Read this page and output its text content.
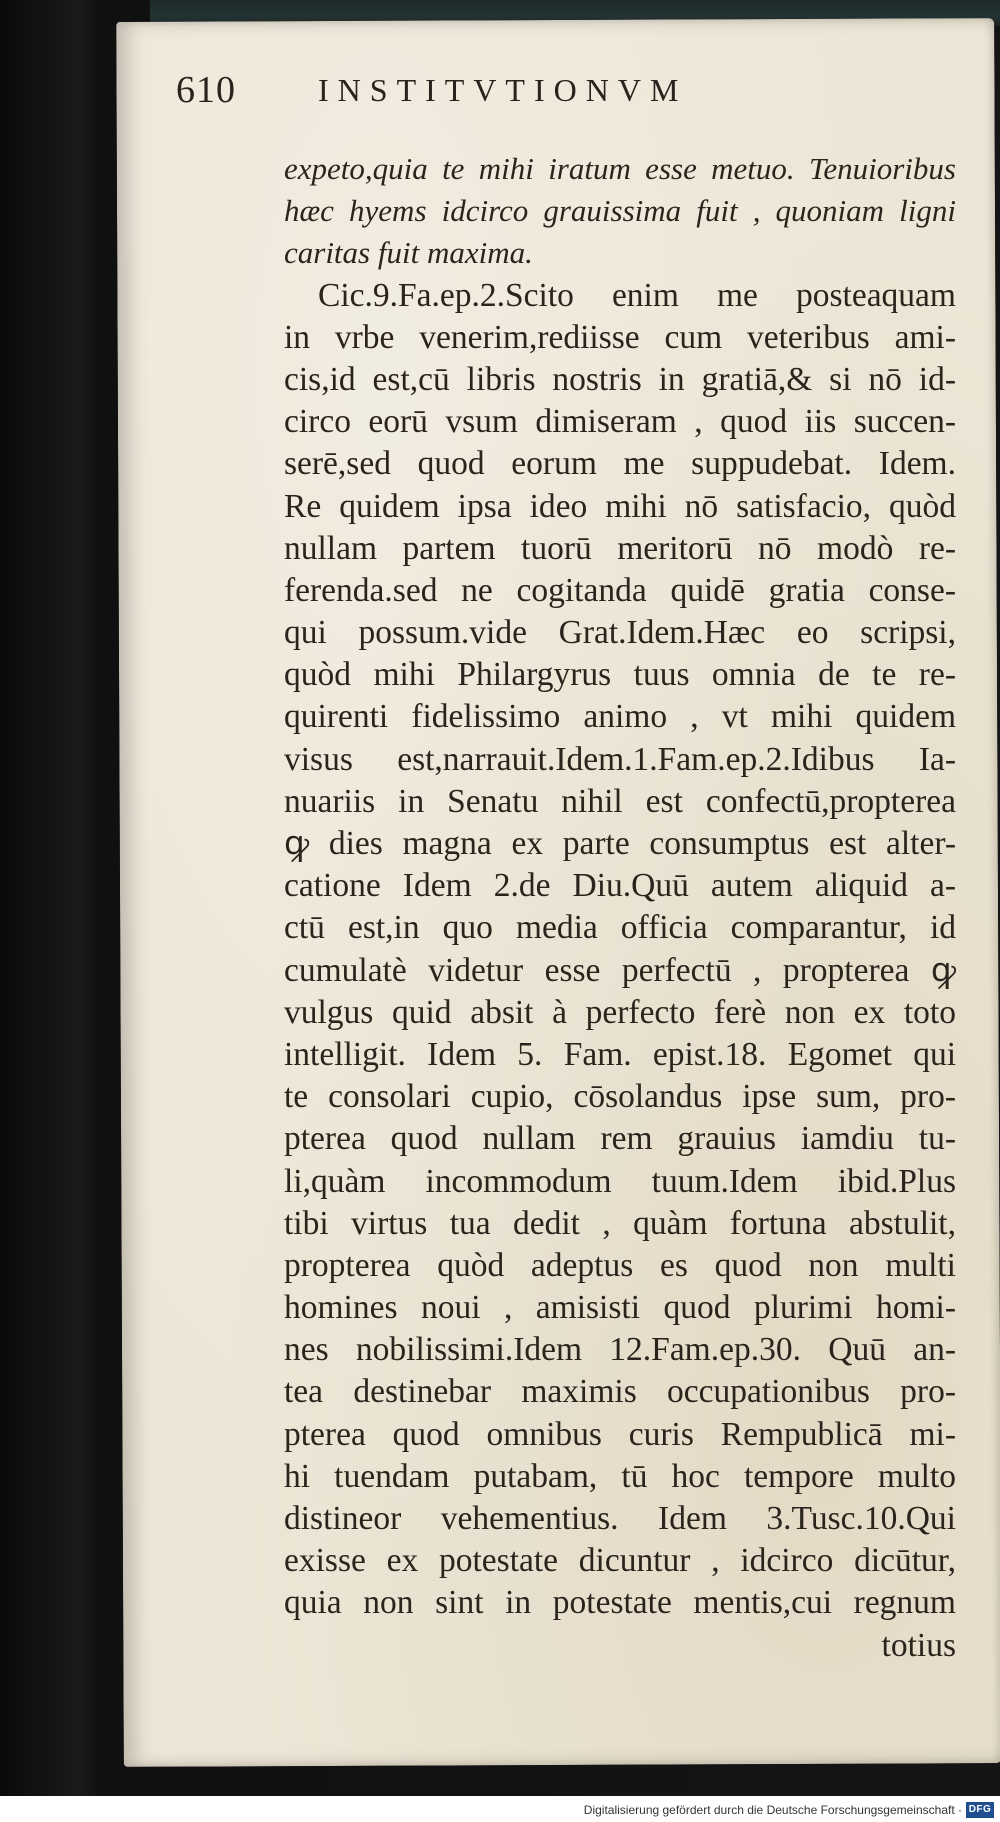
610	INSTITVTIONVM
expeto,quia te mihi iratum esse metuo. Tenuioribus
hæc hyems idcirco grauissima fuit , quoniam ligni
caritas fuit maxima.
Cic.9.Fa.ep.2.Scito enim me posteaquam
in vrbe venerim,rediisse cum veteribus ami-
cis,id est,cū libris nostris in gratiā,& si nō id-
circo eorū vsum dimiseram , quod iis succen-
serē,sed quod eorum me suppudebat. Idem.
Re quidem ipsa ideo mihi nō satisfacio, quòd
nullam partem tuorū meritorū nō modò re-
ferenda.sed ne cogitanda quidē gratia conse-
qui possum.vide Grat.Idem.Hæc eo scripsi,
quòd mihi Philargyrus tuus omnia de te re-
quirenti fidelissimo animo , vt mihi quidem
visus est,narrauit.Idem.1.Fam.ep.2.Idibus Ia-
nuariis in Senatu nihil est confectū,propterea
ꝙ dies magna ex parte consumptus est alter-
catione Idem 2.de Diu.Quū autem aliquid a-
ctū est,in quo media officia comparantur, id
cumulatè videtur esse perfectū , propterea ꝙ
vulgus quid absit à perfecto ferè non ex toto
intelligit. Idem 5. Fam. epist.18. Egomet qui
te consolari cupio, cōsolandus ipse sum, pro-
pterea quod nullam rem grauius iamdiu tu-
li,quàm incommodum tuum.Idem ibid.Plus
tibi virtus tua dedit , quàm fortuna abstulit,
propterea quòd adeptus es quod non multi
homines noui , amisisti quod plurimi homi-
nes nobilissimi.Idem 12.Fam.ep.30. Quū an-
tea destinebar maximis occupationibus pro-
pterea quod omnibus curis Rempublicā mi-
hi tuendam putabam, tū hoc tempore multo
distineor vehementius. Idem 3.Tusc.10.Qui
exisse ex potestate dicuntur , idcirco dicūtur,
quia non sint in potestate mentis,cui regnum
totius
Digitalisierung gefördert durch die Deutsche Forschungsgemeinschaft · DFG
